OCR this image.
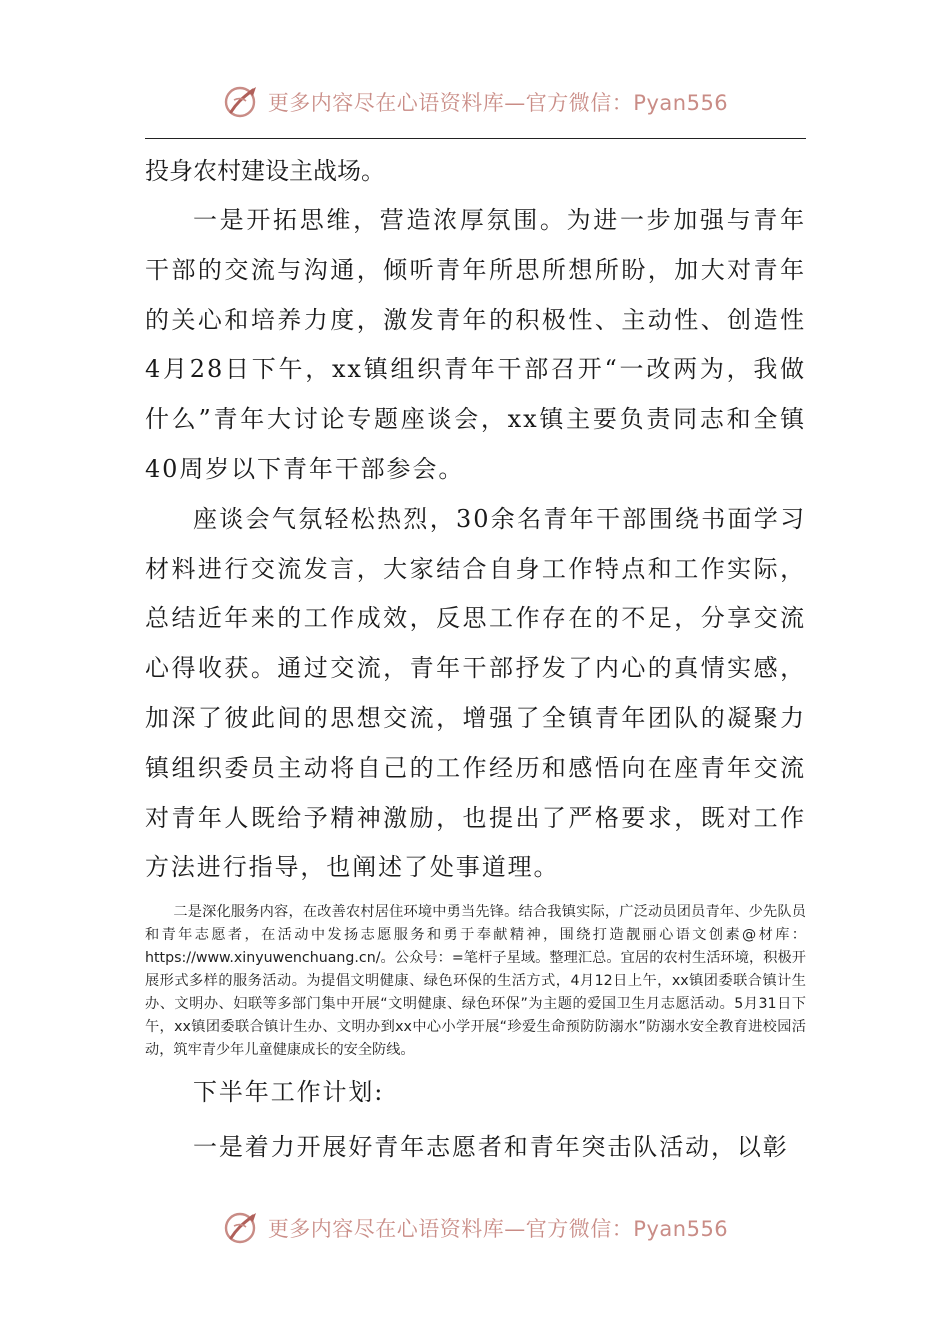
更多内容尽在心语资料库—官方微信：Pyan556

投身农村建设主战场。

一是开拓思维，营造浓厚氛围。为进一步加强与青年干部的交流与沟通，倾听青年所思所想所盼，加大对青年的关心和培养力度，激发青年的积极性、主动性、创造性4月28日下午，xx镇组织青年干部召开“一改两为，我做什么”青年大讨论专题座谈会，xx镇主要负责同志和全镇40周岁以下青年干部参会。

座谈会气氛轻松热烈，30余名青年干部围绕书面学习材料进行交流发言，大家结合自身工作特点和工作实际，总结近年来的工作成效，反思工作存在的不足，分享交流心得收获。通过交流，青年干部抒发了内心的真情实感，加深了彼此间的思想交流，增强了全镇青年团队的凝聚力镇组织委员主动将自己的工作经历和感悟向在座青年交流对青年人既给予精神激励，也提出了严格要求，既对工作方法进行指导，也阐述了处事道理。

二是深化服务内容，在改善农村居住环境中勇当先锋。结合我镇实际，广泛动员团员青年、少先队员和青年志愿者，在活动中发扬志愿服务和勇于奉献精神，围绕打造靓丽心语文创素@材库：https://www.xinyuwenchuang.cn/。公众号：=笔杆子星域。整理汇总。宜居的农村生活环境，积极开展形式多样的服务活动。为提倡文明健康、绿色环保的生活方式，4月12日上午，xx镇团委联合镇计生办、文明办、妇联等多部门集中开展“文明健康、绿色环保”为主题的爱国卫生月志愿活动。5月31日下午，xx镇团委联合镇计生办、文明办到xx中心小学开展“珍爱生命预防防溺水”防溺水安全教育进校园活动，筑牢青少年儿童健康成长的安全防线。

下半年工作计划:

一是着力开展好青年志愿者和青年突击队活动，以彰

更多内容尽在心语资料库—官方微信：Pyan556
